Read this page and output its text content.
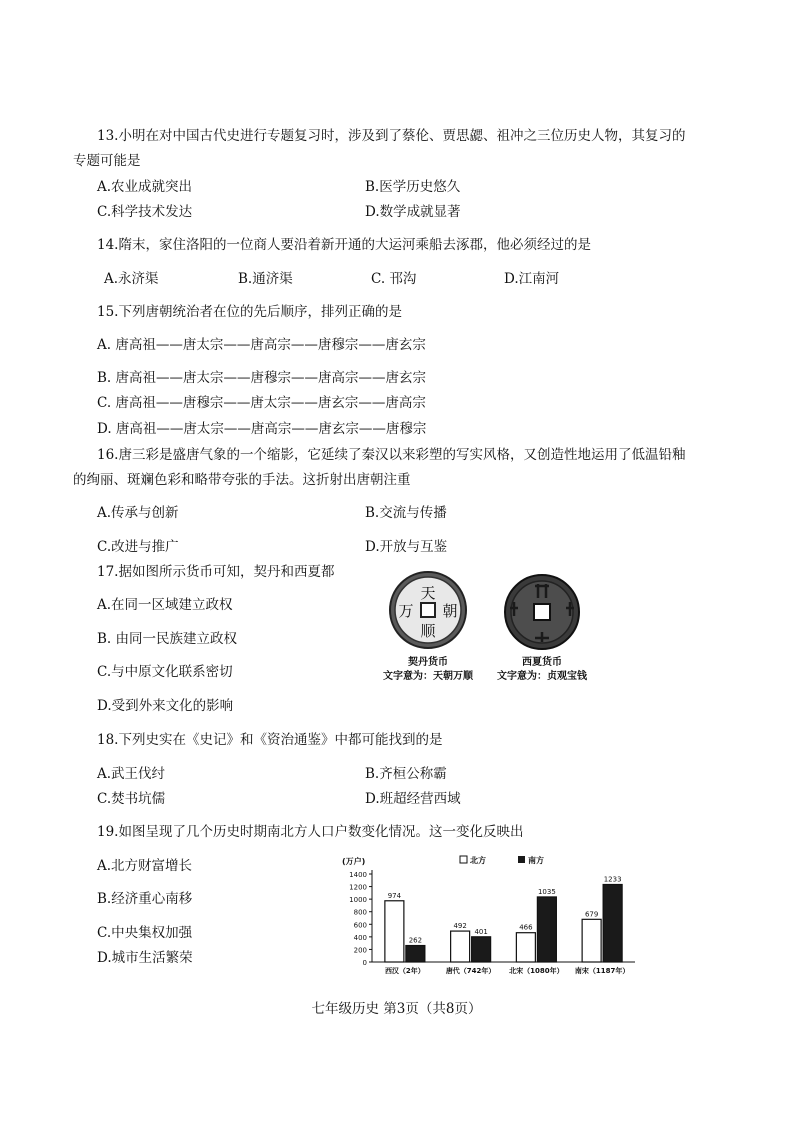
13.小明在对中国古代史进行专题复习时，涉及到了蔡伦、贾思勰、祖冲之三位历史人物，其复习的
专题可能是
A.农业成就突出	B.医学历史悠久
C.科学技术发达	D.数学成就显著
14.隋末，家住洛阳的一位商人要沿着新开通的大运河乘船去涿郡，他必须经过的是
A.永济渠	B.通济渠	C. 邗沟	D.江南河
15.下列唐朝统治者在位的先后顺序，排列正确的是
A. 唐高祖——唐太宗——唐高宗——唐穆宗——唐玄宗
B. 唐高祖——唐太宗——唐穆宗——唐高宗——唐玄宗
C. 唐高祖——唐穆宗——唐太宗——唐玄宗——唐高宗
D. 唐高祖——唐太宗——唐高宗——唐玄宗——唐穆宗
16.唐三彩是盛唐气象的一个缩影，它延续了秦汉以来彩塑的写实风格，又创造性地运用了低温铅釉
的绚丽、斑斓色彩和略带夸张的手法。这折射出唐朝注重
A.传承与创新	B.交流与传播
C.改进与推广	D.开放与互鉴
17.据如图所示货币可知，契丹和西夏都
A.在同一区域建立政权
B. 由同一民族建立政权
C.与中原文化联系密切
D.受到外来文化的影响
天
朝
万
顺
契丹货币
文字意为：天朝万顺
西夏货币
文字意为：贞观宝钱
18.下列史实在《史记》和《资治通鉴》中都可能找到的是
A.武王伐纣	B.齐桓公称霸
C.焚书坑儒	D.班超经营西域
19.如图呈现了几个历史时期南北方人口户数变化情况。这一变化反映出
A.北方财富增长
B.经济重心南移
C.中央集权加强
D.城市生活繁荣
(万户)	北方	南方
1400
1200
1000
800
600
400
200
0
974
262
西汉（2年）
492
401
唐代（742年）
466
1035
北宋（1080年）
679
1233
南宋（1187年）
七年级历史 第3页（共8页）
